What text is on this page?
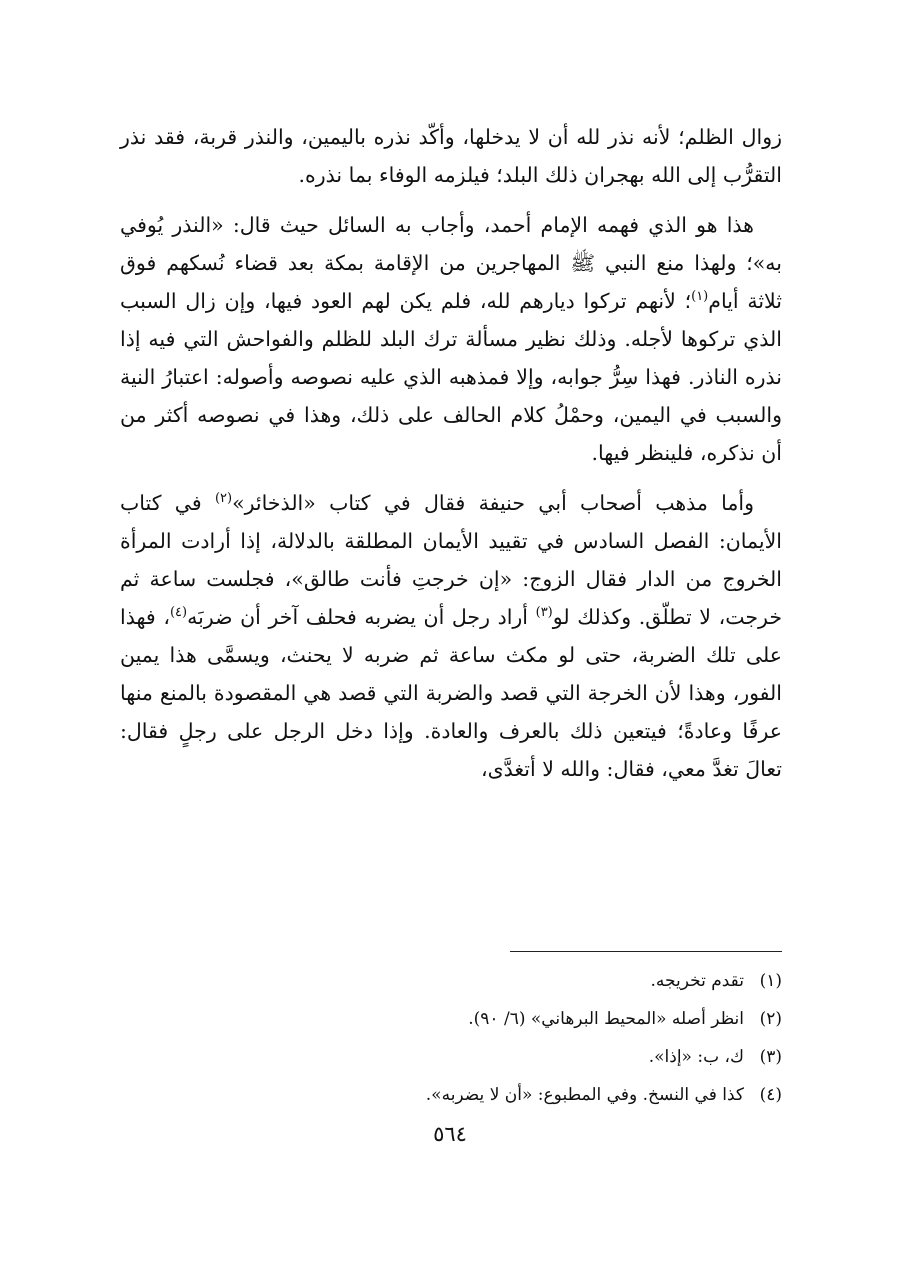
زوال الظلم؛ لأنه نذر لله أن لا يدخلها، وأكّد نذره باليمين، والنذر قربة، فقد نذر التقرُّب إلى الله بهجران ذلك البلد؛ فيلزمه الوفاء بما نذره.

هذا هو الذي فهمه الإمام أحمد، وأجاب به السائل حيث قال: «النذر يُوفي به»؛ ولهذا منع النبي ﷺ المهاجرين من الإقامة بمكة بعد قضاء نُسكهم فوق ثلاثة أيام$^{(١)}$؛ لأنهم تركوا ديارهم لله، فلم يكن لهم العود فيها، وإن زال السبب الذي تركوها لأجله. وذلك نظير مسألة ترك البلد للظلم والفواحش التي فيه إذا نذره الناذر. فهذا سِرُّ جوابه، وإلا فمذهبه الذي عليه نصوصه وأصوله: اعتبارُ النية والسبب في اليمين، وحمْلُ كلام الحالف على ذلك، وهذا في نصوصه أكثر من أن نذكره، فلينظر فيها.

وأما مذهب أصحاب أبي حنيفة فقال في كتاب «الذخائر»$^{(٢)}$ في كتاب الأيمان: الفصل السادس في تقييد الأيمان المطلقة بالدلالة، إذا أرادت المرأة الخروج من الدار فقال الزوج: «إن خرجتِ فأنت طالق»، فجلست ساعة ثم خرجت، لا تطلّق. وكذلك لو$^{(٣)}$ أراد رجل أن يضربه فحلف آخر أن ضربَه$^{(٤)}$، فهذا على تلك الضربة، حتى لو مكث ساعة ثم ضربه لا يحنث، ويسمَّى هذا يمين الفور، وهذا لأن الخرجة التي قصد والضربة التي قصد هي المقصودة بالمنع منها عرفًا وعادةً؛ فيتعين ذلك بالعرف والعادة. وإذا دخل الرجل على رجلٍ فقال: تعالَ تغدَّ معي، فقال: والله لا أتغدَّى،

(١)
تقدم تخريجه.
(٢)
انظر أصله «المحيط البرهاني» (٦/ ٩٠).
(٣)
ك، ب: «إذا».
(٤)
كذا في النسخ. وفي المطبوع: «أن لا يضربه».
٥٦٤
